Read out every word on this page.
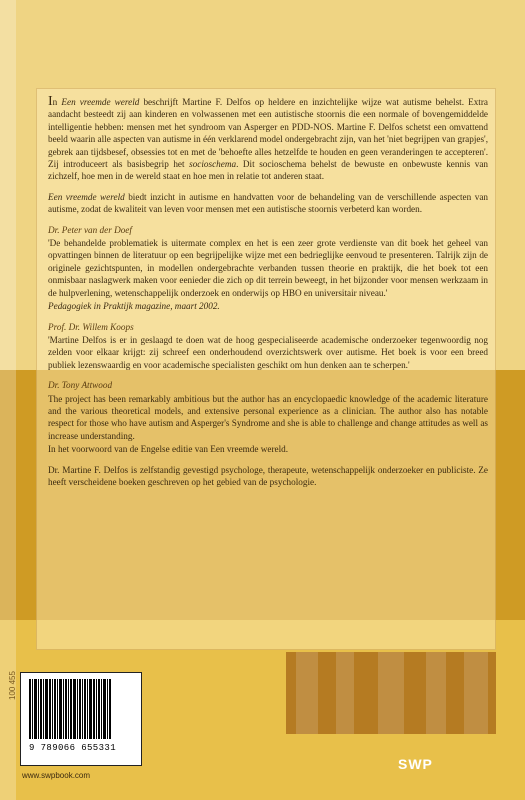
In Een vreemde wereld beschrijft Martine F. Delfos op heldere en inzichtelijke wijze wat autisme behelst. Extra aandacht besteedt zij aan kinderen en volwassenen met een autistische stoornis die een normale of bovengemiddelde intelligentie hebben: mensen met het syndroom van Asperger en PDD-NOS. Martine F. Delfos schetst een omvattend beeld waarin alle aspecten van autisme in één verklarend model ondergebracht zijn, van het 'niet begrijpen van grapjes', gebrek aan tijdsbesef, obsessies tot en met de 'behoefte alles hetzelfde te houden en geen veranderingen te accepteren'. Zij introduceert als basisbegrip het socioschema. Dit socioschema behelst de bewuste en onbewuste kennis van zichzelf, hoe men in de wereld staat en hoe men in relatie tot anderen staat.

Een vreemde wereld biedt inzicht in autisme en handvatten voor de behandeling van de verschillende aspecten van autisme, zodat de kwaliteit van leven voor mensen met een autistische stoornis verbeterd kan worden.

Dr. Peter van der Doef
'De behandelde problematiek is uitermate complex en het is een zeer grote verdienste van dit boek het geheel van opvattingen binnen de literatuur op een begrijpelijke wijze met een bedrieglijke eenvoud te presenteren. Talrijk zijn de originele gezichtspunten, in modellen ondergebrachte verbanden tussen theorie en praktijk, die het boek tot een onmisbaar naslagwerk maken voor eenieder die zich op dit terrein beweegt, in het bijzonder voor mensen werkzaam in de hulpverlening, wetenschappelijk onderzoek en onderwijs op HBO en universitair niveau.'
Pedagogiek in Praktijk magazine, maart 2002.
Prof. Dr. Willem Koops
'Martine Delfos is er in geslaagd te doen wat de hoog gespecialiseerde academische onderzoeker tegenwoordig nog zelden voor elkaar krijgt: zij schreef een onderhoudend overzichtswerk over autisme. Het boek is voor een breed publiek lezenswaardig en voor academische specialisten geschikt om hun denken aan te scherpen.'
Dr. Tony Attwood
The project has been remarkably ambitious but the author has an encyclopaedic knowledge of the academic literature and the various theoretical models, and extensive personal experience as a clinician. The author also has notable respect for those who have autism and Asperger's Syndrome and she is able to challenge and change attitudes as well as increase understanding.
In het voorwoord van de Engelse editie van Een vreemde wereld.

Dr. Martine F. Delfos is zelfstandig gevestigd psychologe, therapeute, wetenschappelijk onderzoeker en publiciste. Ze heeft verscheidene boeken geschreven op het gebied van de psychologie.

9 789066 655331
100 455
www.swpbook.com
SWP
